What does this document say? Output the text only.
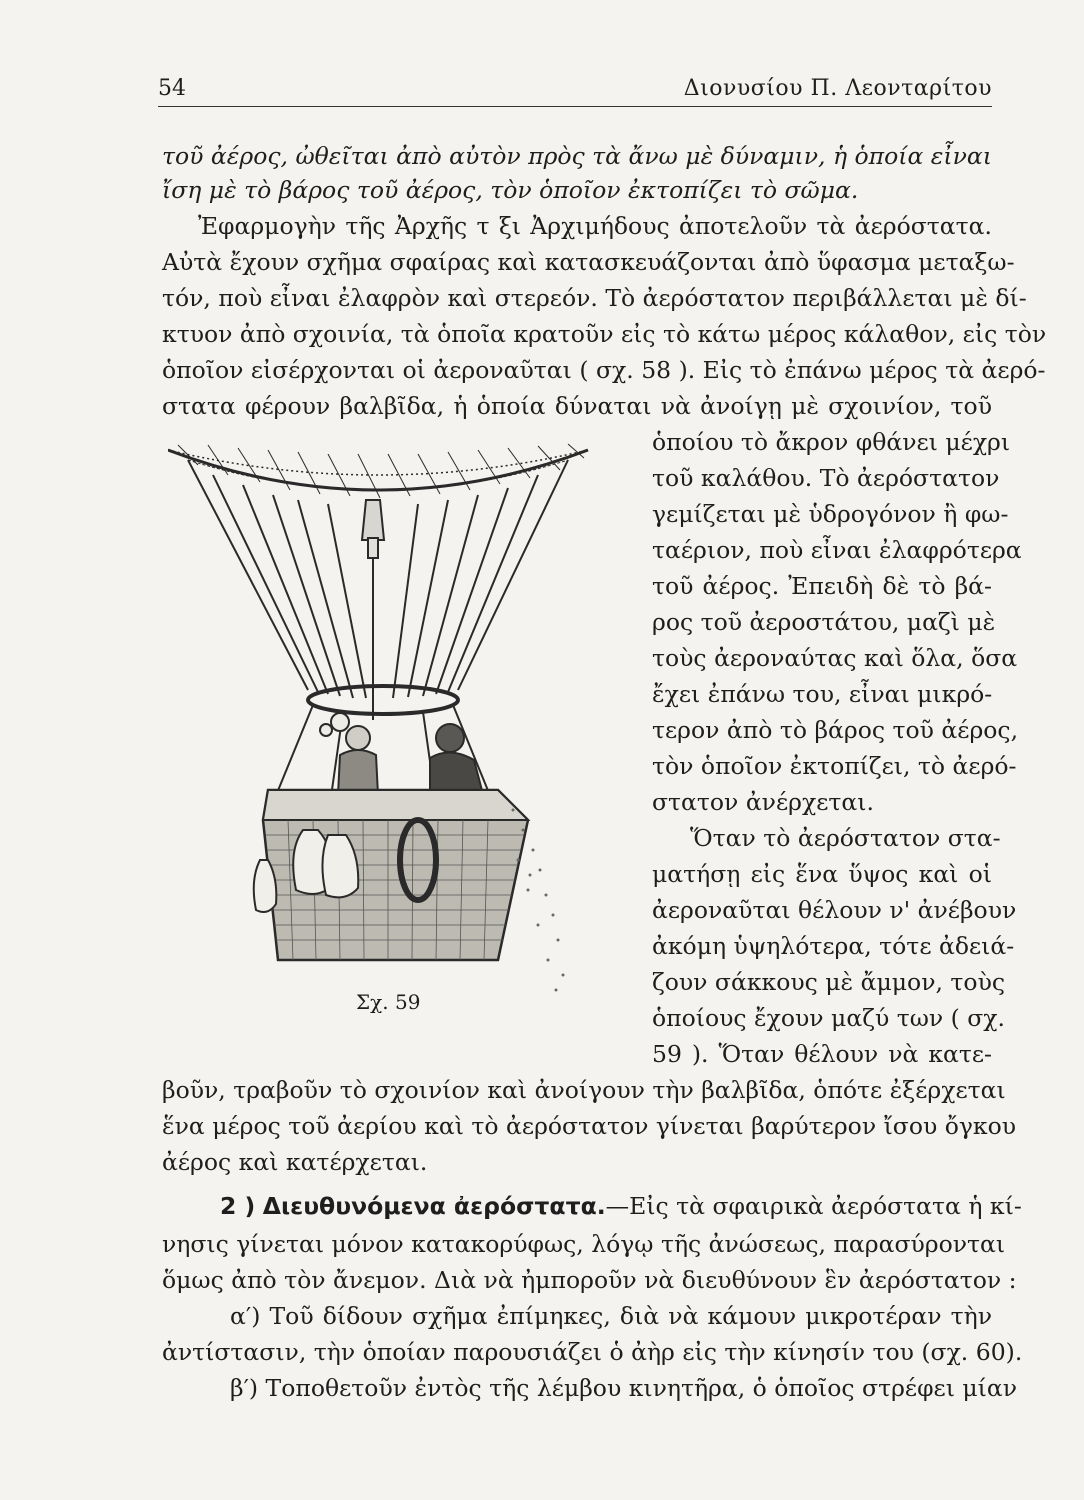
54	Διονυσίου Π. Λεονταρίτου
τοῦ ἀέρος, ὠθεῖται ἀπὸ αὐτὸν πρὸς τὰ ἄνω μὲ δύναμιν, ἡ ὁποία εἶναι
ἴση μὲ τὸ βάρος τοῦ ἀέρος, τὸν ὁποῖον ἐκτοπίζει τὸ σῶμα.
Ἐφαρμογὴν τῆς Ἀρχῆς τ ξι Ἀρχιμήδους ἀποτελοῦν τὰ ἀερόστατα.
Αὐτὰ ἔχουν σχῆμα σφαίρας καὶ κατασκευάζονται ἀπὸ ὕφασμα μεταξω-
τόν, ποὺ εἶναι ἐλαφρὸν καὶ στερεόν. Τὸ ἀερόστατον περιβάλλεται μὲ δί-
κτυον ἀπὸ σχοινία, τὰ ὁποῖα κρατοῦν εἰς τὸ κάτω μέρος κάλαθον, εἰς τὸν
ὁποῖον εἰσέρχονται οἱ ἀεροναῦται ( σχ. 58 ). Εἰς τὸ ἐπάνω μέρος τὰ ἀερό-
στατα φέρουν βαλβῖδα, ἡ ὁποία δύναται νὰ ἀνοίγῃ μὲ σχοινίον, τοῦ
Σχ. 59
ὁποίου τὸ ἄκρον φθάνει μέχρι
τοῦ καλάθου. Τὸ ἀερόστατον
γεμίζεται μὲ ὑδρογόνον ἢ φω-
ταέριον, ποὺ εἶναι ἐλαφρότερα
τοῦ ἀέρος. Ἐπειδὴ δὲ τὸ βά-
ρος τοῦ ἀεροστάτου, μαζὶ μὲ
τοὺς ἀεροναύτας καὶ ὅλα, ὅσα
ἔχει ἐπάνω του, εἶναι μικρό-
τερον ἀπὸ τὸ βάρος τοῦ ἀέρος,
τὸν ὁποῖον ἐκτοπίζει, τὸ ἀερό-
στατον ἀνέρχεται.
Ὅταν τὸ ἀερόστατον στα-
ματήσῃ εἰς ἕνα ὕψος καὶ οἱ
ἀεροναῦται θέλουν ν' ἀνέβουν
ἀκόμη ὑψηλότερα, τότε ἀδειά-
ζουν σάκκους μὲ ἄμμον, τοὺς
ὁποίους ἔχουν μαζύ των ( σχ.
59 ). Ὅταν θέλουν νὰ κατε-
βοῦν, τραβοῦν τὸ σχοινίον καὶ ἀνοίγουν τὴν βαλβῖδα, ὁπότε ἐξέρχεται
ἕνα μέρος τοῦ ἀερίου καὶ τὸ ἀερόστατον γίνεται βαρύτερον ἴσου ὄγκου
ἀέρος καὶ κατέρχεται.
2 ) Διευθυνόμενα ἀερόστατα.—Εἰς τὰ σφαιρικὰ ἀερόστατα ἡ κί-
νησις γίνεται μόνον κατακορύφως, λόγῳ τῆς ἀνώσεως, παρασύρονται
ὅμως ἀπὸ τὸν ἄνεμον. Διὰ νὰ ἠμποροῦν νὰ διευθύνουν ἓν ἀερόστατον :
α′) Τοῦ δίδουν σχῆμα ἐπίμηκες, διὰ νὰ κάμουν μικροτέραν τὴν
ἀντίστασιν, τὴν ὁποίαν παρουσιάζει ὁ ἀὴρ εἰς τὴν κίνησίν του (σχ. 60).
β′) Τοποθετοῦν ἐντὸς τῆς λέμβου κινητῆρα, ὁ ὁποῖος στρέφει μίαν
